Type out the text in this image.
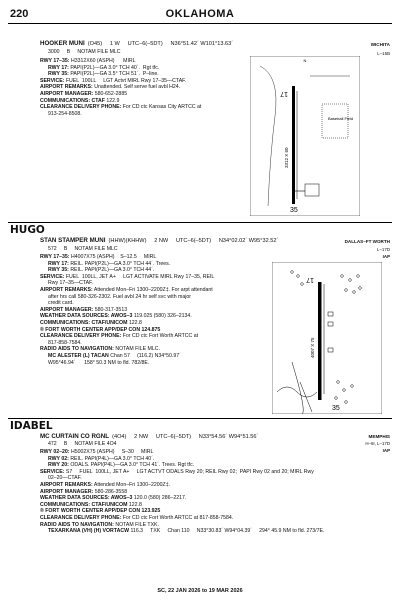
220	OKLAHOMA
HOOKER MUNI (O45)     1 W     UTC–6(–5DT)     N36°51.42´ W101°13.63´	WICHITA
3000     B     NOTAM FILE MLC	L–15B
RWY 17–35: H3312X60 (ASPH)      MIRL
RWY 17: PAPI(P2L)—GA 3.0° TCH 40´.  Rgt tfc.
RWY 35: PAPI(P2L)—GA 3.5° TCH 51´.  P–line.
SERVICE: FUEL  100LL     LGT Actvt MIRL Rwy 17–35—CTAF.
AIRPORT REMARKS: Unattended. Self serve fuel avbl H24.
AIRPORT MANAGER: 580-652-2885
COMMUNICATIONS: CTAF 122.9
CLEARANCE DELIVERY PHONE: For CD ctc Kansas City ARTCC at
913-254-8508.
N
17
35
3312 X 60
Baseball Field
HUGO
STAN STAMPER MUNI (HHW)(KHHW)     2 NW     UTC–6(–5DT)     N34°02.02´ W95°32.52´	DALLAS–FT WORTH
572     B     NOTAM FILE MLC	L–17D
IAP
RWY 17–35: H4007X75 (ASPH)    S–12.5     MIRL
RWY 17: REIL. PAPI(P2L)—GA 3.0° TCH 44´. Trees.
RWY 35: REIL. PAPI(P2L)—GA 3.0° TCH 44´.
SERVICE: FUEL  100LL, JET A+     LGT ACTIVATE MIRL Rwy 17–35, REIL
Rwy 17–35—CTAF.
AIRPORT REMARKS: Attended Mon–Fri 1300–2200Z‡. For arpt attendant
after hrs call 580-326-2302. Fuel avbl 24 hr self svc with major
credit card.
AIRPORT MANAGER: 580-317-3513
WEATHER DATA SOURCES: AWOS–3 119.025 (580) 326–2134.
COMMUNICATIONS: CTAF/UNICOM 122.8
® FORT WORTH CENTER APP/DEP CON 124.875
CLEARANCE DELIVERY PHONE: For CD ctc Fort Worth ARTCC at
817-858-7584.
RADIO AIDS TO NAVIGATION: NOTAM FILE MLC.
MC ALESTER (L) TACAN Chan 57     (116.2) N34°50.97´
W95°46.94´      158° 50.3 NM to fld. 782/8E.
17
35
4007 X 75
IDABEL
MC CURTAIN CO RGNL (4O4)     2 NW     UTC–6(–5DT)     N33°54.56´ W94°51.56´	MEMPHIS
472     B     NOTAM FILE 4O4	H–6I, L–17D
IAP
RWY 02–20: H5002X75 (ASPH)     S–30     MIRL
RWY 02: REIL. PAPI(P4L)—GA 3.0° TCH 40´.
RWY 20: ODALS. PAPI(P4L)—GA 3.0° TCH 41´. Trees. Rgt tfc.
SERVICE: S7     FUEL  100LL, JET A+     LGT ACTVT ODALS Rwy 20; REIL Rwy 02;  PAPI Rwy 02 and 20; MIRL Rwy
02–20—CTAF.
AIRPORT REMARKS: Attended Mon–Fri 1300–2200Z‡.
AIRPORT MANAGER: 580-286-3558
WEATHER DATA SOURCES: AWOS–3 120.0 (580) 286–2217.
COMMUNICATIONS: CTAF/UNICOM 122.8
® FORT WORTH CENTER APP/DEP CON 123.925
CLEARANCE DELIVERY PHONE: For CD ctc Fort Worth ARTCC at 817-858-7584.
RADIO AIDS TO NAVIGATION: NOTAM FILE TXK.
TEXARKANA (VH) (H) VORTACW 116.3     TXK     Chan 110     N33°30.83´ W94°04.39´     294° 45.9 NM to fld. 273/7E.
SC, 22 JAN 2026 to 19 MAR 2026
